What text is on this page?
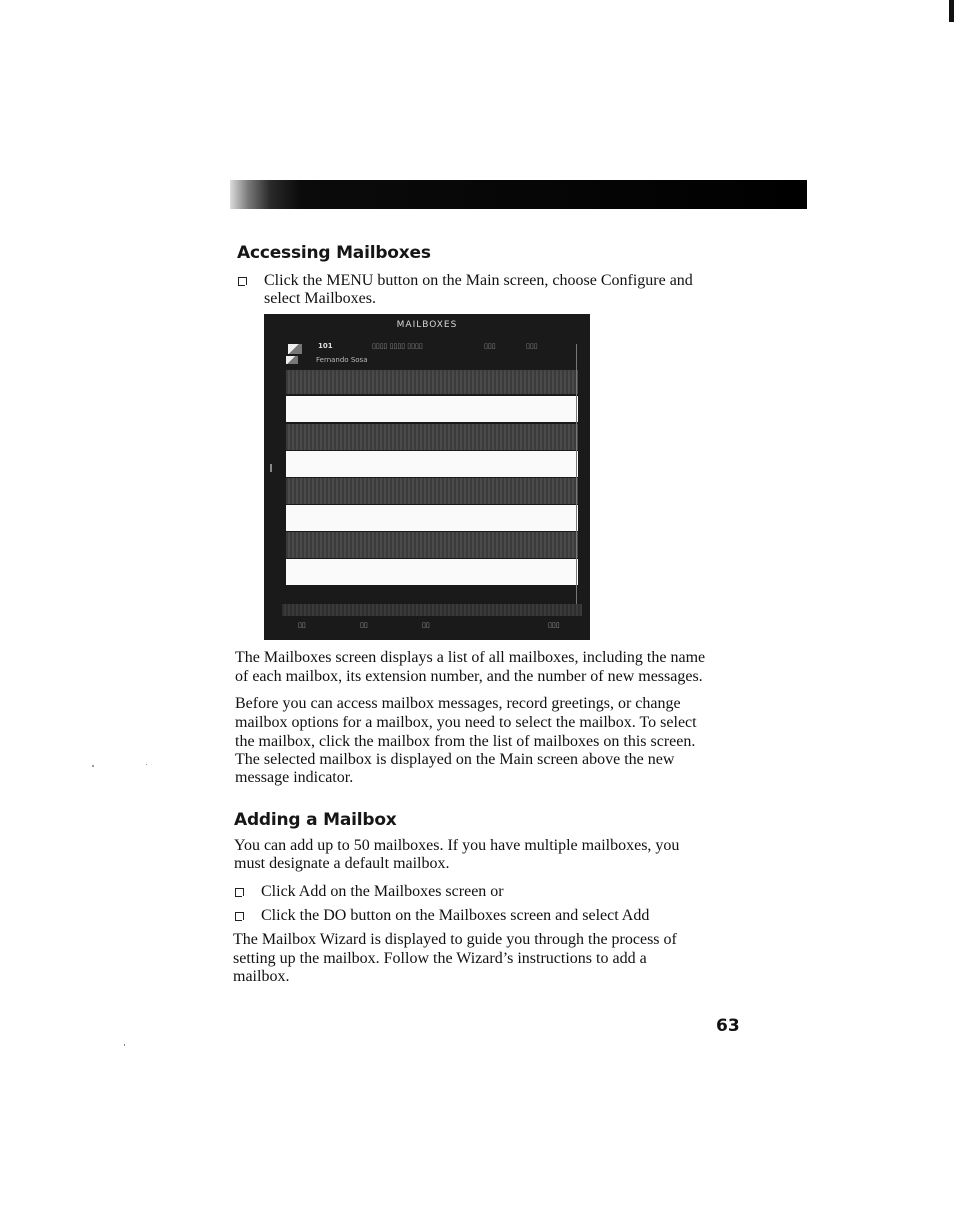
Accessing Mailboxes
Click the MENU button on the Main screen, choose Configure and
select Mailboxes.
MAILBOXES
101	▯▯▯▯ ▯▯▯▯ ▯▯▯▯	▯▯▯	▯▯▯
Fernando Sosa
▯▯	▯▯	▯▯	▯▯▯

The Mailboxes screen displays a list of all mailboxes, including the name

of each mailbox, its extension number, and the number of new messages.

Before you can access mailbox messages, record greetings, or change

mailbox options for a mailbox, you need to select the mailbox. To select

the mailbox, click the mailbox from the list of mailboxes on this screen.

The selected mailbox is displayed on the Main screen above the new

message indicator.

Adding a Mailbox

You can add up to 50 mailboxes. If you have multiple mailboxes, you

must designate a default mailbox.

Click Add on the Mailboxes screen or
Click the DO button on the Mailboxes screen and select Add

The Mailbox Wizard is displayed to guide you through the process of

setting up the mailbox. Follow the Wizard’s instructions to add a

mailbox.

63
